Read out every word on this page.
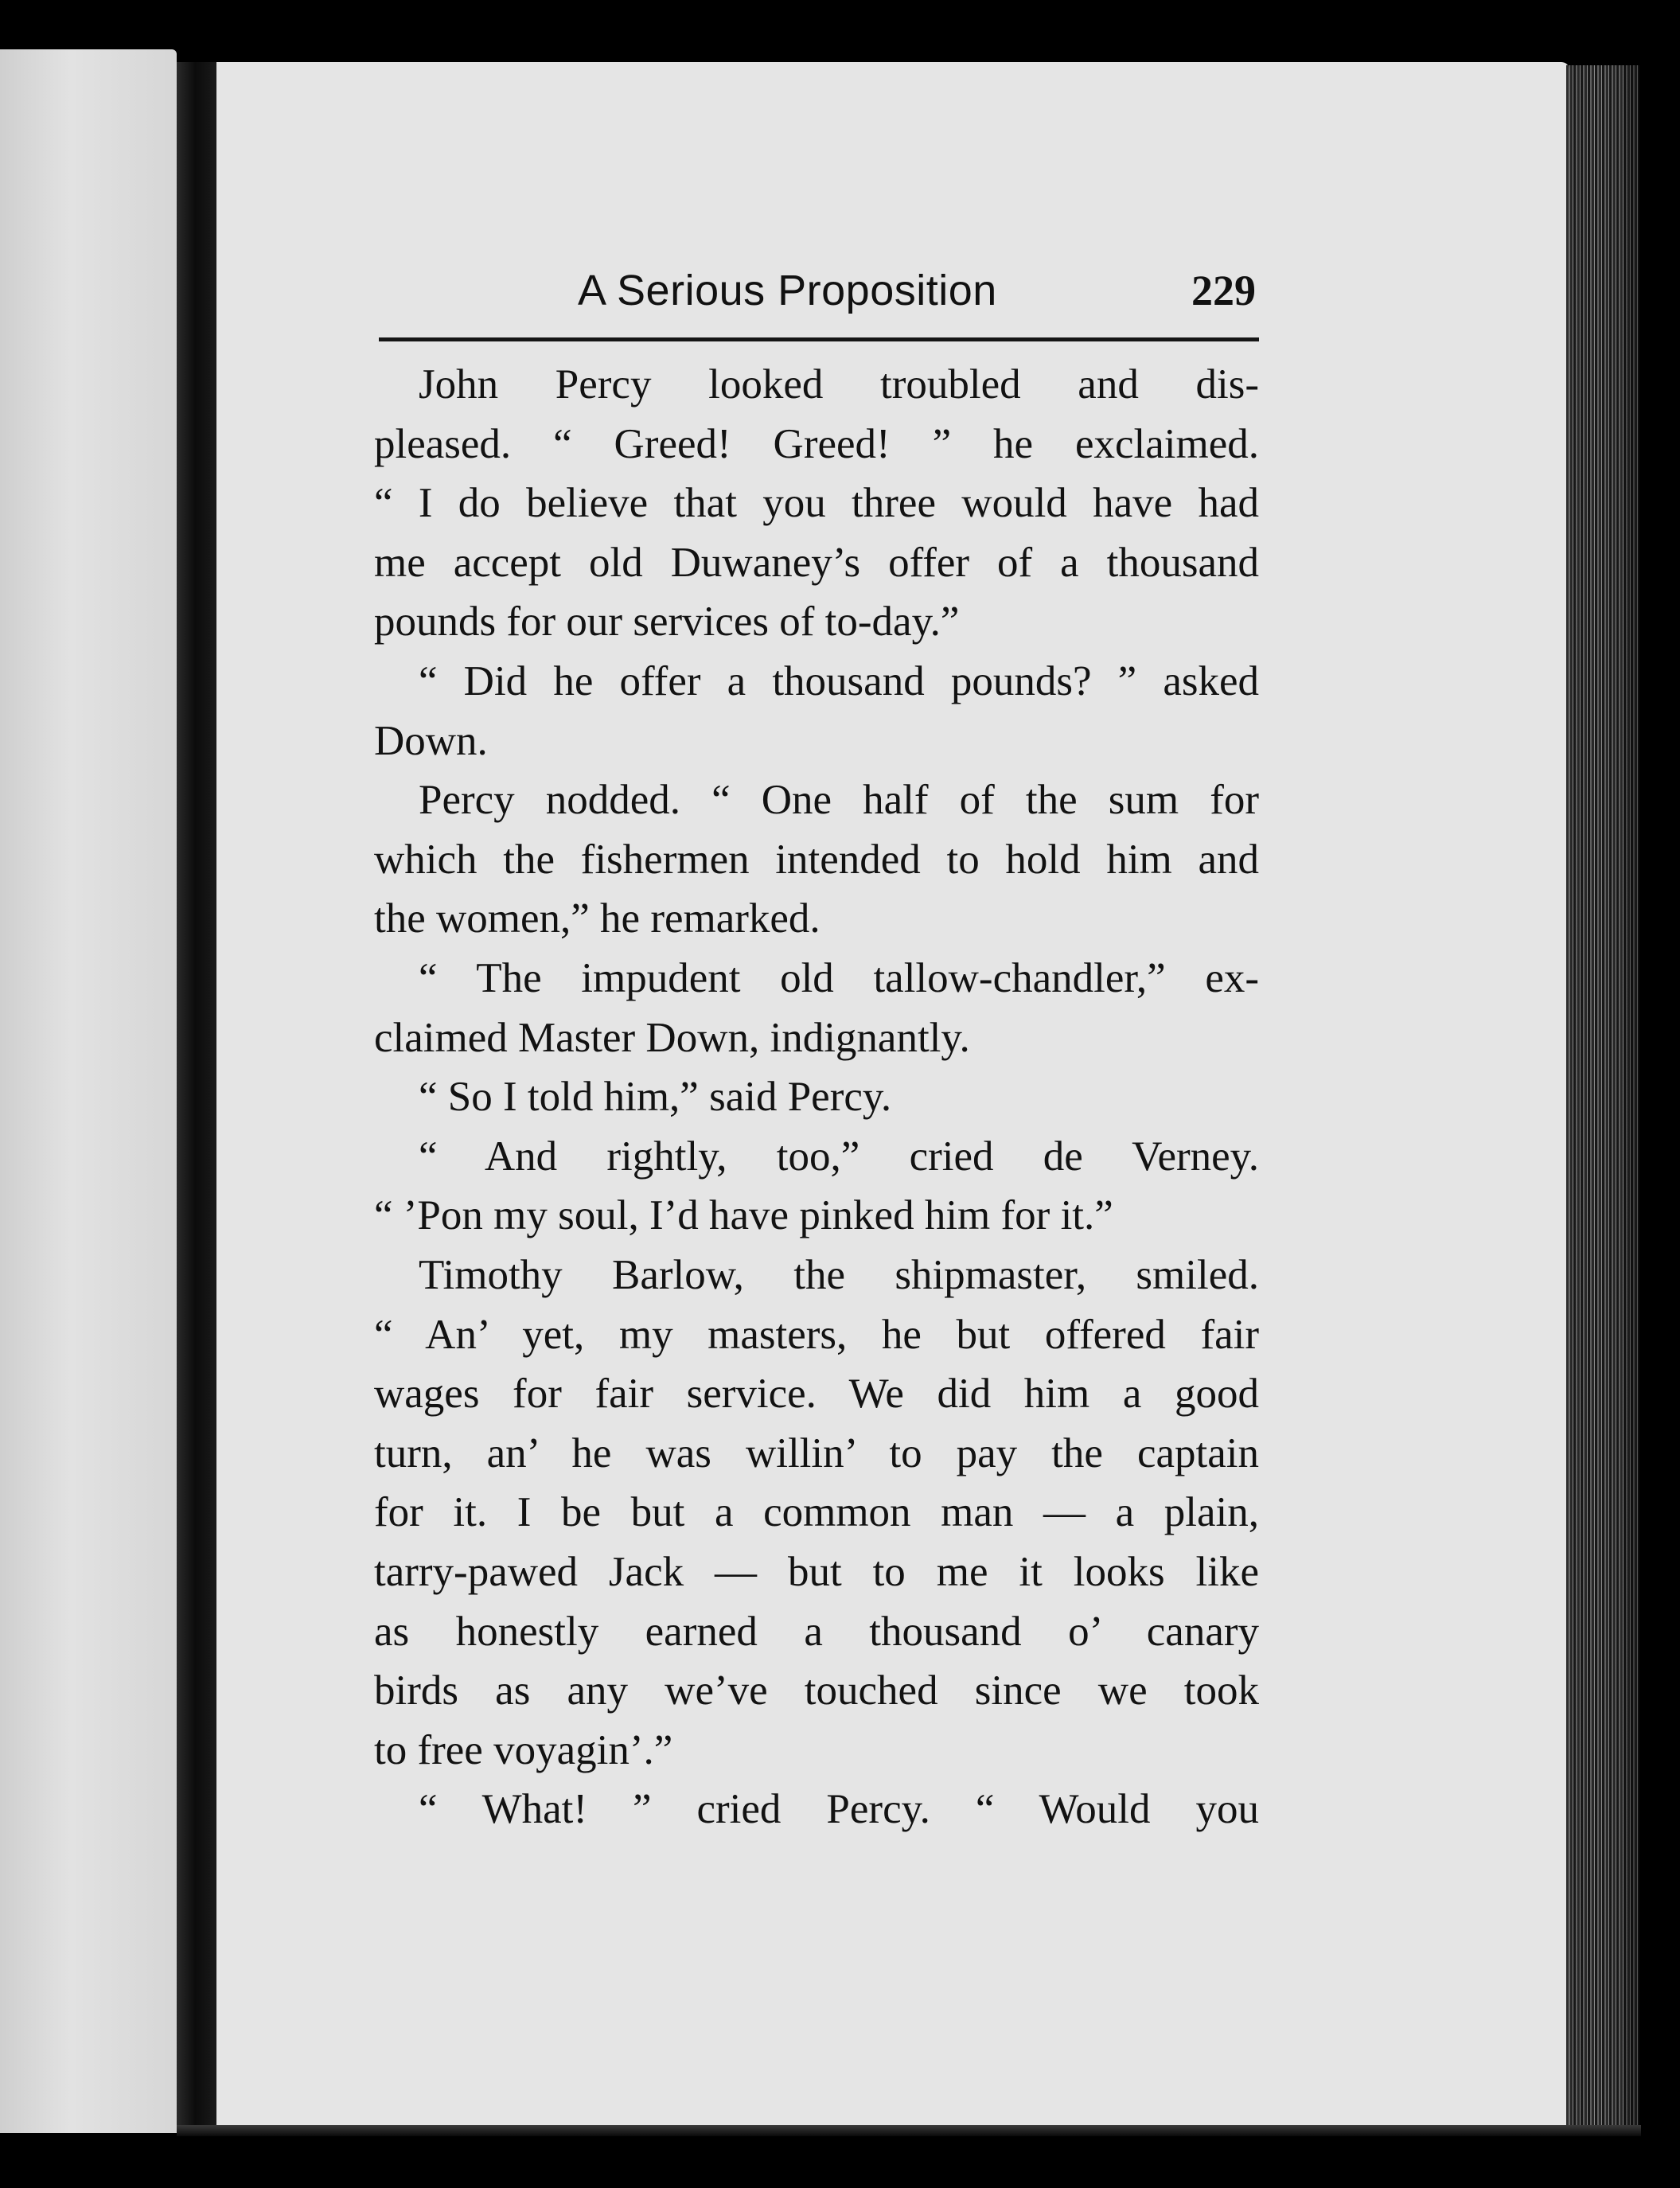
A Serious Proposition	229
John Percy looked troubled and dis-
pleased. “ Greed! Greed! ” he exclaimed.
“ I do believe that you three would have had
me accept old Duwaney’s offer of a thousand
pounds for our services of to-day.”
“ Did he offer a thousand pounds? ” asked
Down.
Percy nodded. “ One half of the sum for
which the fishermen intended to hold him and
the women,” he remarked.
“ The impudent old tallow-chandler,” ex-
claimed Master Down, indignantly.
“ So I told him,” said Percy.
“ And rightly, too,” cried de Verney.
“ ’Pon my soul, I’d have pinked him for it.”
Timothy Barlow, the shipmaster, smiled.
“ An’ yet, my masters, he but offered fair
wages for fair service. We did him a good
turn, an’ he was willin’ to pay the captain
for it. I be but a common man — a plain,
tarry-pawed Jack — but to me it looks like
as honestly earned a thousand o’ canary
birds as any we’ve touched since we took
to free voyagin’.”
“ What! ” cried Percy. “ Would you
